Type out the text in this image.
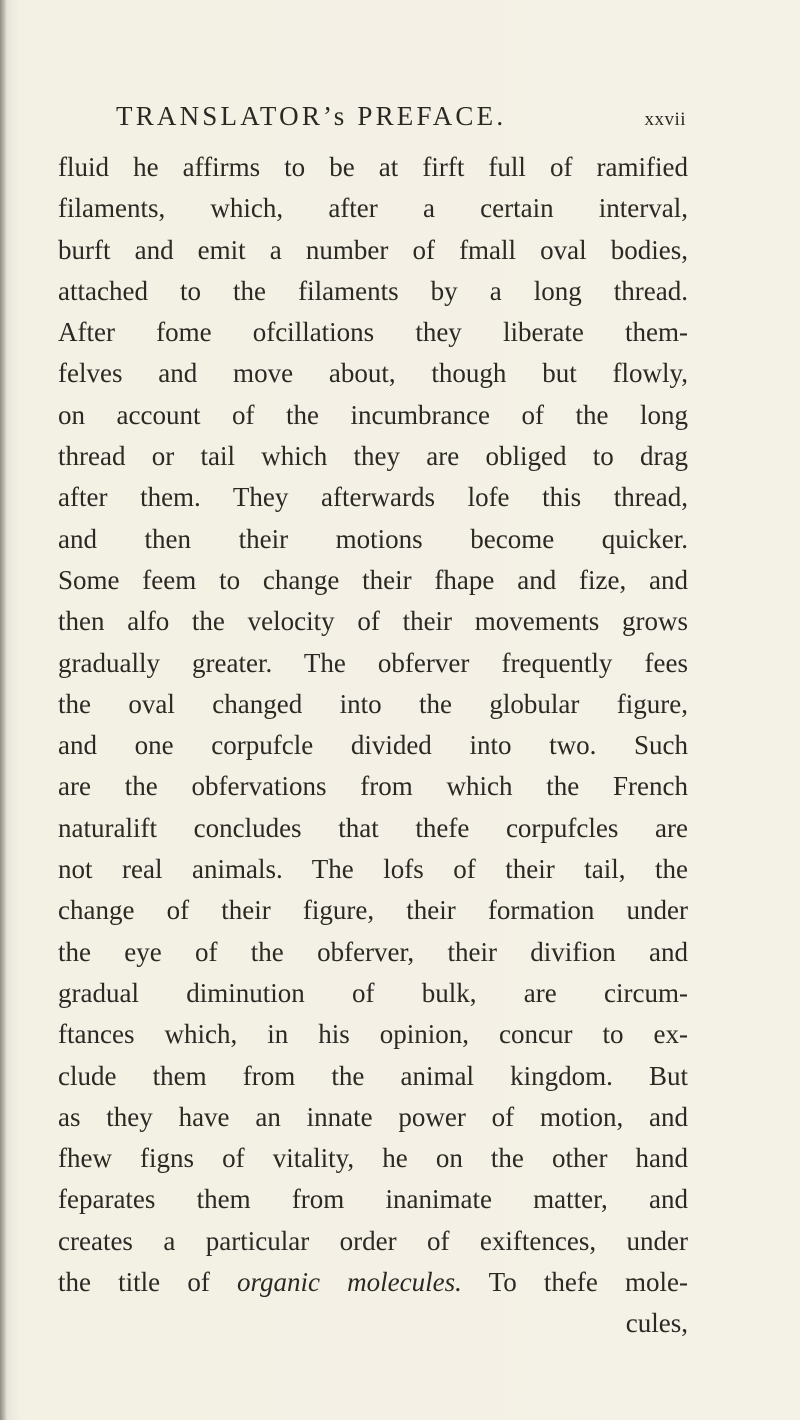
TRANSLATOR’s PREFACE.	xxvii
fluid he affirms to be at firft full of ramified
filaments, which, after a certain interval,
burft and emit a number of fmall oval bodies,
attached to the filaments by a long thread.
After fome ofcillations they liberate them-
felves and move about, though but flowly,
on account of the incumbrance of the long
thread or tail which they are obliged to drag
after them. They afterwards lofe this thread,
and then their motions become quicker.
Some feem to change their fhape and fize, and
then alfo the velocity of their movements grows
gradually greater. The obferver frequently fees
the oval changed into the globular figure,
and one corpufcle divided into two. Such
are the obfervations from which the French
naturalift concludes that thefe corpufcles are
not real animals. The lofs of their tail, the
change of their figure, their formation under
the eye of the obferver, their divifion and
gradual diminution of bulk, are circum-
ftances which, in his opinion, concur to ex-
clude them from the animal kingdom. But
as they have an innate power of motion, and
fhew figns of vitality, he on the other hand
feparates them from inanimate matter, and
creates a particular order of exiftences, under
the title of organic molecules. To thefe mole-
cules,
